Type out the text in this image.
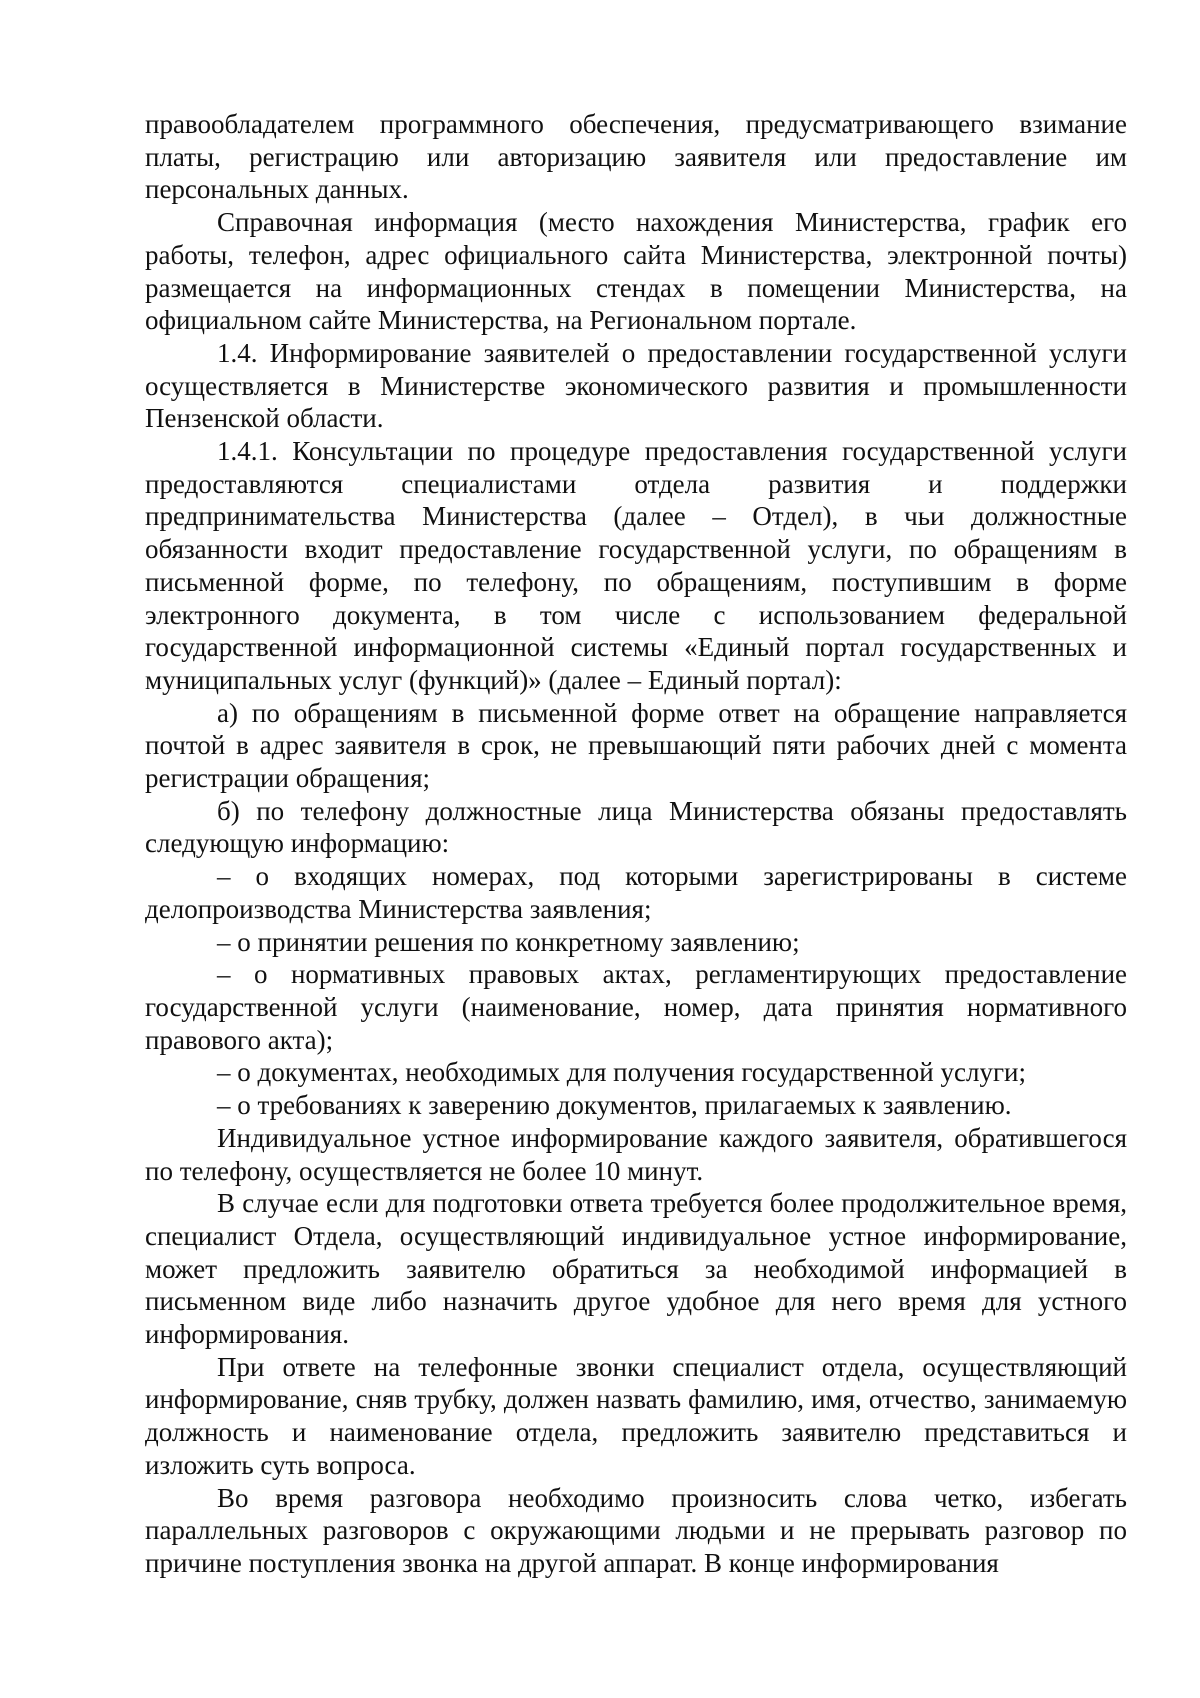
правообладателем программного обеспечения, предусматривающего взимание платы, регистрацию или авторизацию заявителя или предоставление им персональных данных.

Справочная информация (место нахождения Министерства, график его работы, телефон, адрес официального сайта Министерства, электронной почты) размещается на информационных стендах в помещении Министерства, на официальном сайте Министерства, на Региональном портале.

1.4. Информирование заявителей о предоставлении государственной услуги осуществляется в Министерстве экономического развития и промышленности Пензенской области.

1.4.1. Консультации по процедуре предоставления государственной услуги предоставляются специалистами отдела развития и поддержки предпринимательства Министерства (далее – Отдел), в чьи должностные обязанности входит предоставление государственной услуги, по обращениям в письменной форме, по телефону, по обращениям, поступившим в форме электронного документа, в том числе с использованием федеральной государственной информационной системы «Единый портал государственных и муниципальных услуг (функций)» (далее – Единый портал):

а) по обращениям в письменной форме ответ на обращение направляется почтой в адрес заявителя в срок, не превышающий пяти рабочих дней с момента регистрации обращения;

б) по телефону должностные лица Министерства обязаны предоставлять следующую информацию:

– о входящих номерах, под которыми зарегистрированы в системе делопроизводства Министерства заявления;

– о принятии решения по конкретному заявлению;

– о нормативных правовых актах, регламентирующих предоставление государственной услуги (наименование, номер, дата принятия нормативного правового акта);

– о документах, необходимых для получения государственной услуги;

– о требованиях к заверению документов, прилагаемых к заявлению.

Индивидуальное устное информирование каждого заявителя, обратившегося по телефону, осуществляется не более 10 минут.

В случае если для подготовки ответа требуется более продолжительное время, специалист Отдела, осуществляющий индивидуальное устное информирование, может предложить заявителю обратиться за необходимой информацией в письменном виде либо назначить другое удобное для него время для устного информирования.

При ответе на телефонные звонки специалист отдела, осуществляющий информирование, сняв трубку, должен назвать фамилию, имя, отчество, занимаемую должность и наименование отдела, предложить заявителю представиться и изложить суть вопроса.

Во время разговора необходимо произносить слова четко, избегать параллельных разговоров с окружающими людьми и не прерывать разговор по причине поступления звонка на другой аппарат. В конце информирования
